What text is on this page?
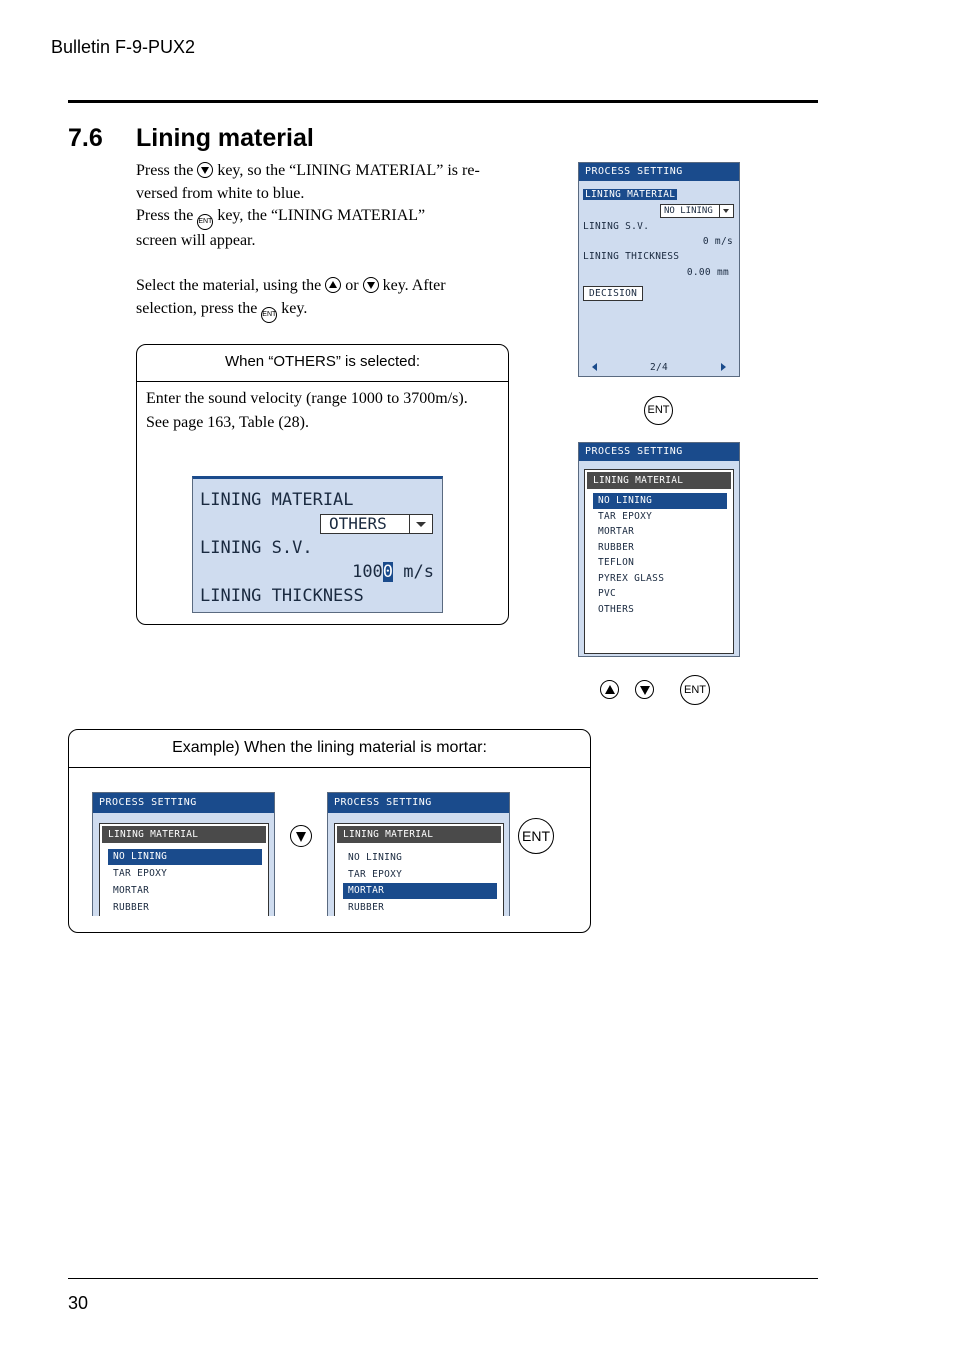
Bulletin F-9-PUX2
7.6 Lining material
Press the key, so the “LINING MATERIAL” is re-
versed from white to blue.
Press the ENT key, the “LINING MATERIAL”
screen will appear.
Select the material, using the or key. After
selection, press the ENT key.
When “OTHERS” is selected:
Enter the sound velocity (range 1000 to 3700m/s).
See page 163, Table (28).
LINING MATERIAL
OTHERS
LINING S.V.
1000 m/s
LINING THICKNESS
PROCESS SETTING
LINING MATERIAL
NO LINING
LINING S.V.
0 m/s
LINING THICKNESS
0.00 mm
DECISION
2/4
ENT
PROCESS SETTING
LINING MATERIAL
NO LINING
TAR EPOXY
MORTAR
RUBBER
TEFLON
PYREX GLASS
PVC
OTHERS
ENT
Example) When the lining material is mortar:
PROCESS SETTING
LINING MATERIAL
NO LINING
TAR EPOXY
MORTAR
RUBBER
PROCESS SETTING
LINING MATERIAL
NO LINING
TAR EPOXY
MORTAR
RUBBER
ENT
30
